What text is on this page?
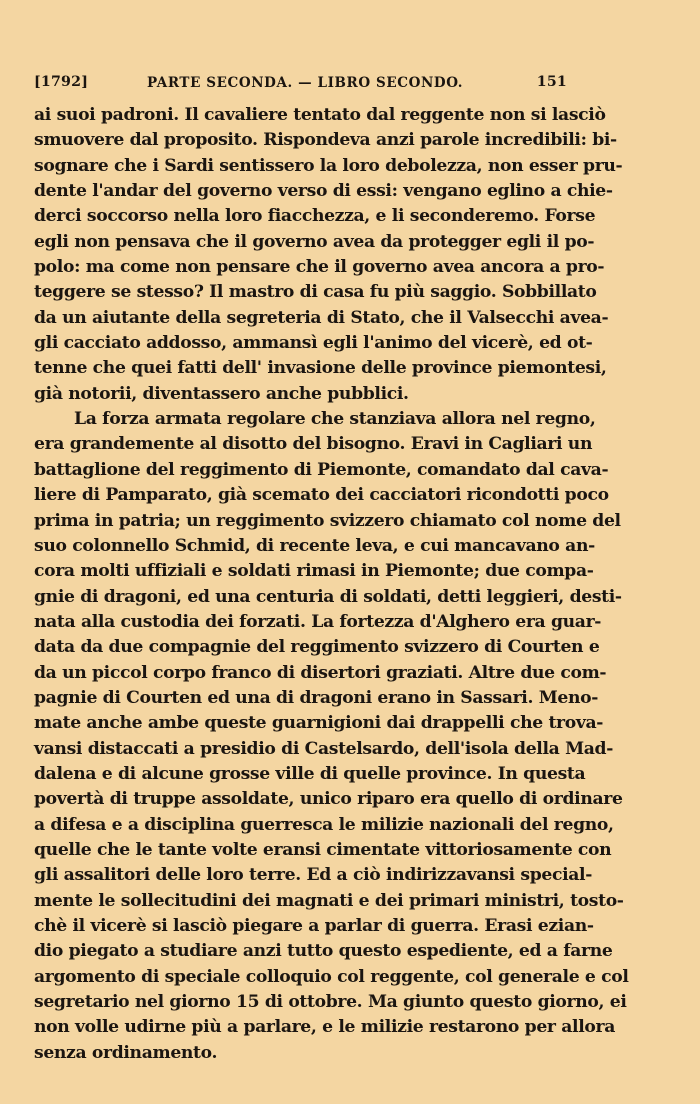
[1792]	PARTE SECONDA. — LIBRO SECONDO.	151
ai suoi padroni. Il cavaliere tentato dal reggente non si lasciò
smuovere dal proposito. Rispondeva anzi parole incredibili: bi-
sognare che i Sardi sentissero la loro debolezza, non esser pru-
dente l'andar del governo verso di essi: vengano eglino a chie-
derci soccorso nella loro fiacchezza, e li seconderemo. Forse
egli non pensava che il governo avea da protegger egli il po-
polo: ma come non pensare che il governo avea ancora a pro-
teggere se stesso? Il mastro di casa fu più saggio. Sobbillato
da un aiutante della segreteria di Stato, che il Valsecchi avea-
gli cacciato addosso, ammansì egli l'animo del vicerè, ed ot-
tenne che quei fatti dell' invasione delle province piemontesi,
già notorii, diventassero anche pubblici.
La forza armata regolare che stanziava allora nel regno,
era grandemente al disotto del bisogno. Eravi in Cagliari un
battaglione del reggimento di Piemonte, comandato dal cava-
liere di Pamparato, già scemato dei cacciatori ricondotti poco
prima in patria; un reggimento svizzero chiamato col nome del
suo colonnello Schmid, di recente leva, e cui mancavano an-
cora molti uffiziali e soldati rimasi in Piemonte; due compa-
gnie di dragoni, ed una centuria di soldati, detti leggieri, desti-
nata alla custodia dei forzati. La fortezza d'Alghero era guar-
data da due compagnie del reggimento svizzero di Courten e
da un piccol corpo franco di disertori graziati. Altre due com-
pagnie di Courten ed una di dragoni erano in Sassari. Meno-
mate anche ambe queste guarnigioni dai drappelli che trova-
vansi distaccati a presidio di Castelsardo, dell'isola della Mad-
dalena e di alcune grosse ville di quelle province. In questa
povertà di truppe assoldate, unico riparo era quello di ordinare
a difesa e a disciplina guerresca le milizie nazionali del regno,
quelle che le tante volte eransi cimentate vittoriosamente con
gli assalitori delle loro terre. Ed a ciò indirizzavansi special-
mente le sollecitudini dei magnati e dei primari ministri, tosto-
chè il vicerè si lasciò piegare a parlar di guerra. Erasi ezian-
dio piegato a studiare anzi tutto questo espediente, ed a farne
argomento di speciale colloquio col reggente, col generale e col
segretario nel giorno 15 di ottobre. Ma giunto questo giorno, ei
non volle udirne più a parlare, e le milizie restarono per allora
senza ordinamento.
